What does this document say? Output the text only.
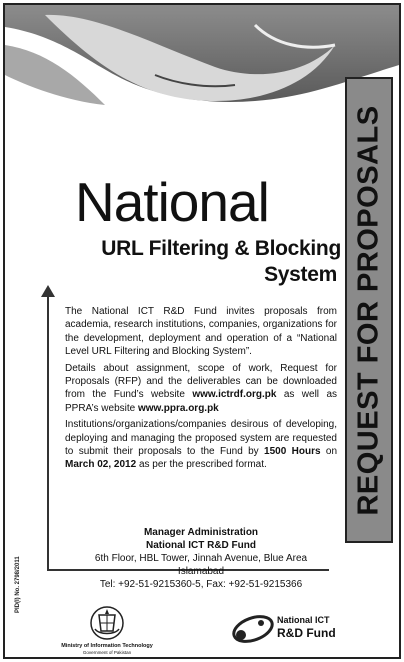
REQUEST FOR PROPOSALS
PID(I) No. 2798/2011
National
URL Filtering & Blocking
System

The National ICT R&D Fund invites proposals from academia, research institutions, companies, organizations for the development, deployment and operation of a “National Level URL Filtering and Blocking System”.

Details about assignment, scope of work, Request for Proposals (RFP) and the deliverables can be downloaded from the Fund’s website www.ictrdf.org.pk as well as PPRA’s website www.ppra.org.pk

Institutions/organizations/companies desirous of developing, deploying and managing the proposed system are requested to submit their proposals to the Fund by 1500 Hours on March 02, 2012 as per the prescribed format.

Manager Administration
National ICT R&D Fund
6th Floor, HBL Tower, Jinnah Avenue, Blue Area
Islamabad
Tel: +92-51-9215360-5, Fax: +92-51-9215366
Ministry of Information Technology
Government of Pakistan
National ICT
R&D Fund
